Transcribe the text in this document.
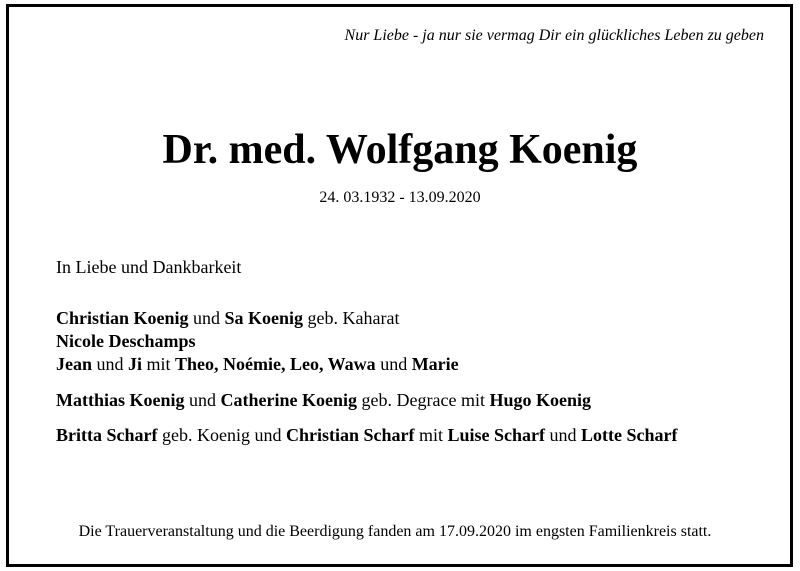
Nur Liebe - ja nur sie vermag Dir ein glückliches Leben zu geben
Dr. med. Wolfgang Koenig
24. 03.1932 - 13.09.2020
In Liebe und Dankbarkeit
Christian Koenig und Sa Koenig geb. Kaharat
Nicole Deschamps
Jean und Ji mit Theo, Noémie, Leo, Wawa und Marie
Matthias Koenig und Catherine Koenig geb. Degrace mit Hugo Koenig
Britta Scharf geb. Koenig und Christian Scharf mit Luise Scharf und Lotte Scharf
Die Trauerveranstaltung und die Beerdigung fanden am 17.09.2020 im engsten Familienkreis statt.
